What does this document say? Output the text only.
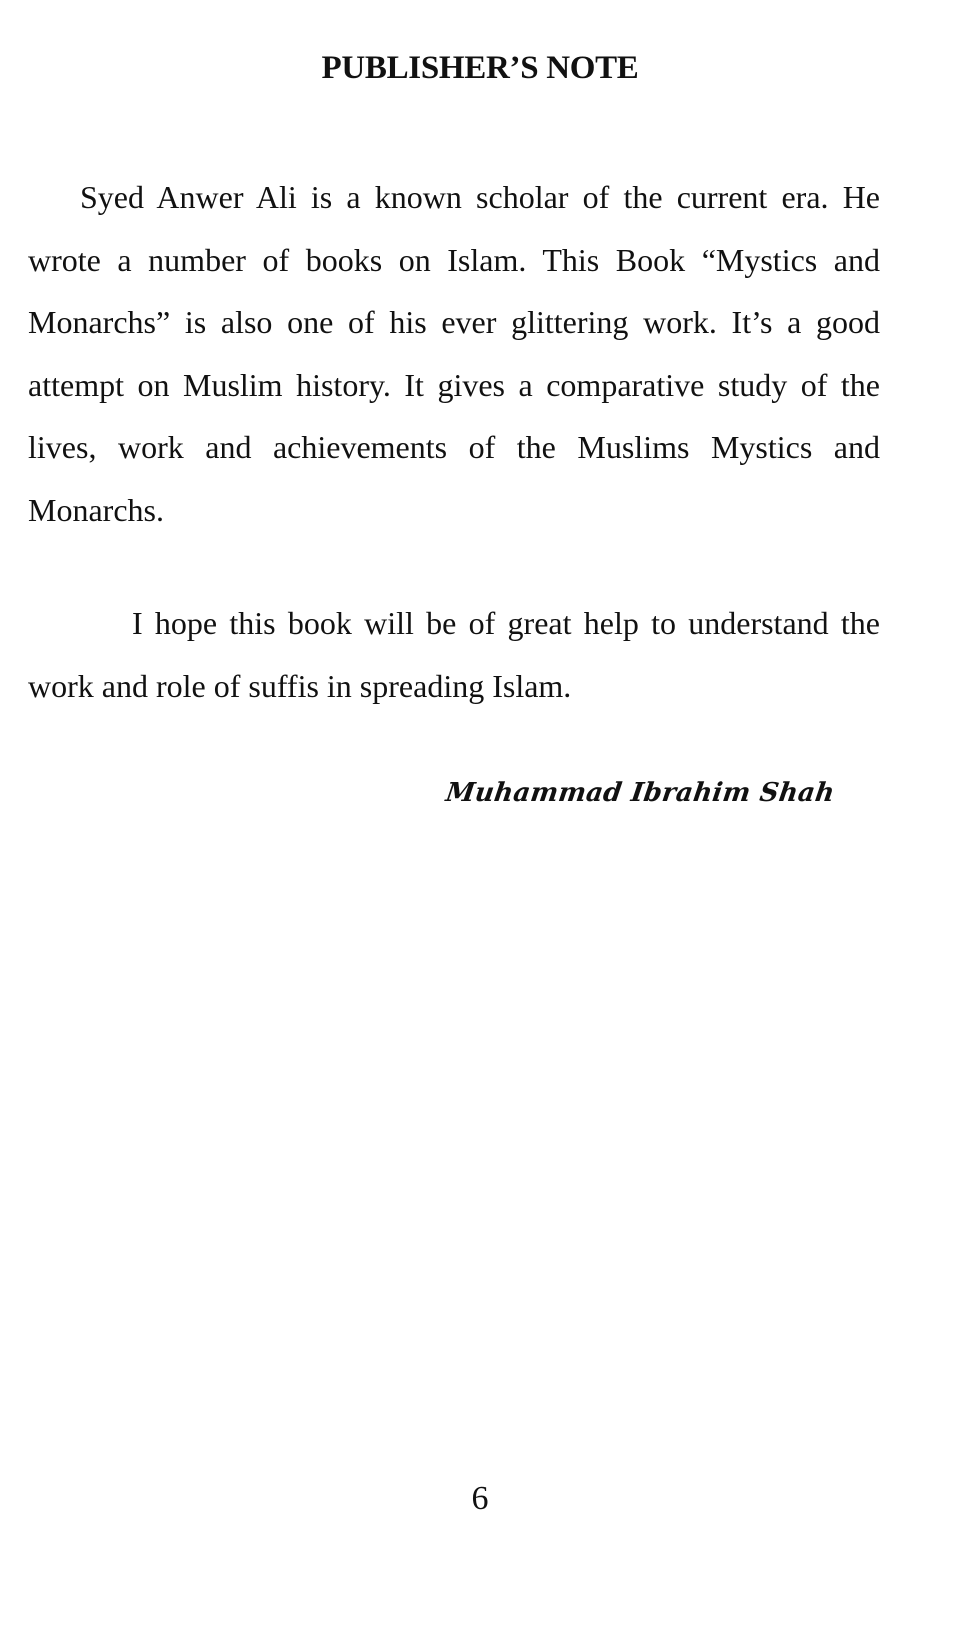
PUBLISHER’S NOTE

Syed Anwer Ali is a known scholar of the current era. He wrote a number of books on Islam. This Book “Mystics and Monarchs” is also one of his ever glittering work. It’s a good attempt on Muslim history. It gives a comparative study of the lives, work and achievements of the Muslims Mystics and Monarchs.

I hope this book will be of great help to understand the work and role of suffis in spreading Islam.

Muhammad Ibrahim Shah

6
